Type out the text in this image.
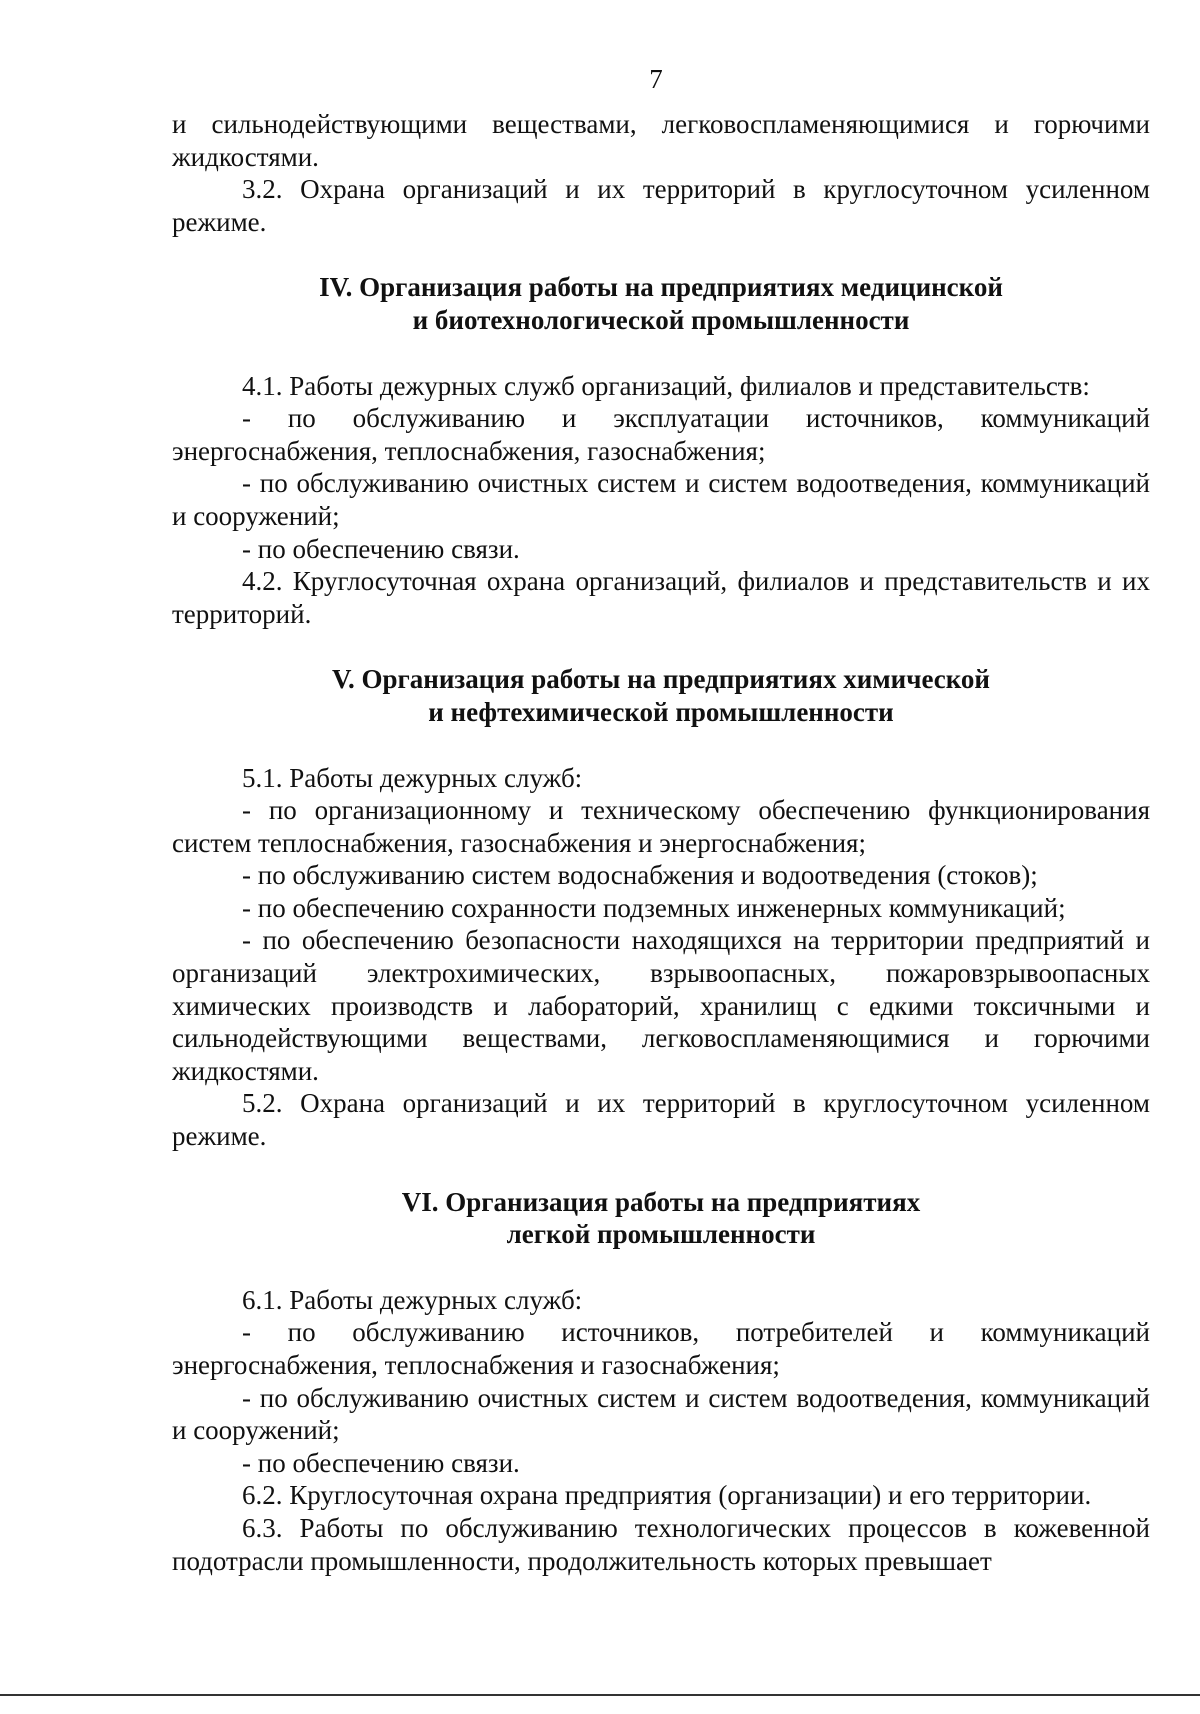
7

и сильнодействующими веществами, легковоспламеняющимися и горючими жидкостями.

3.2. Охрана организаций и их территорий в круглосуточном усиленном режиме.

IV. Организация работы на предприятиях медицинской

и биотехнологической промышленности

4.1. Работы дежурных служб организаций, филиалов и представительств:

- по обслуживанию и эксплуатации источников, коммуникаций энергоснабжения, теплоснабжения, газоснабжения;

- по обслуживанию очистных систем и систем водоотведения, коммуникаций и сооружений;

- по обеспечению связи.

4.2. Круглосуточная охрана организаций, филиалов и представительств и их территорий.

V. Организация работы на предприятиях химической

и нефтехимической промышленности

5.1. Работы дежурных служб:

- по организационному и техническому обеспечению функционирования систем теплоснабжения, газоснабжения и энергоснабжения;

- по обслуживанию систем водоснабжения и водоотведения (стоков);

- по обеспечению сохранности подземных инженерных коммуникаций;

- по обеспечению безопасности находящихся на территории предприятий и организаций электрохимических, взрывоопасных, пожаровзрывоопасных химических производств и лабораторий, хранилищ с едкими токсичными и сильнодействующими веществами, легковоспламеняющимися и горючими жидкостями.

5.2. Охрана организаций и их территорий в круглосуточном усиленном режиме.

VI. Организация работы на предприятиях

легкой промышленности

6.1. Работы дежурных служб:

- по обслуживанию источников, потребителей и коммуникаций энергоснабжения, теплоснабжения и газоснабжения;

- по обслуживанию очистных систем и систем водоотведения, коммуникаций и сооружений;

- по обеспечению связи.

6.2. Круглосуточная охрана предприятия (организации) и его территории.

6.3. Работы по обслуживанию технологических процессов в кожевенной подотрасли промышленности, продолжительность которых превышает
